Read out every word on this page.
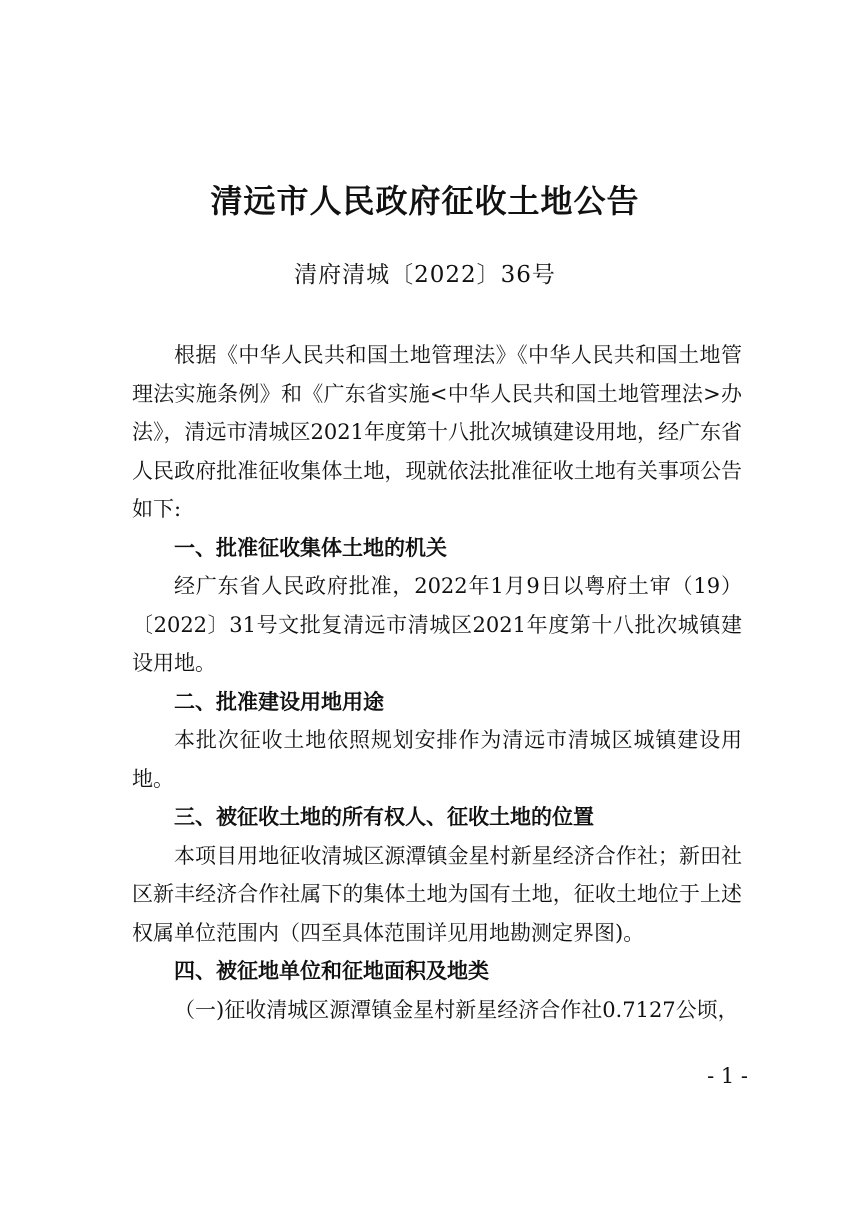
清远市人民政府征收土地公告
清府清城〔2022〕36号

根据《中华人民共和国土地管理法》《中华人民共和国土地管理法实施条例》和《广东省实施<中华人民共和国土地管理法>办法》，清远市清城区2021年度第十八批次城镇建设用地，经广东省人民政府批准征收集体土地，现就依法批准征收土地有关事项公告如下:

一、批准征收集体土地的机关

经广东省人民政府批准，2022年1月9日以粤府土审（19）〔2022〕31号文批复清远市清城区2021年度第十八批次城镇建设用地。

二、批准建设用地用途

本批次征收土地依照规划安排作为清远市清城区城镇建设用地。

三、被征收土地的所有权人、征收土地的位置

本项目用地征收清城区源潭镇金星村新星经济合作社；新田社区新丰经济合作社属下的集体土地为国有土地，征收土地位于上述权属单位范围内（四至具体范围详见用地勘测定界图)。

四、被征地单位和征地面积及地类

（一)征收清城区源潭镇金星村新星经济合作社0.7127公顷，

- 1 -
